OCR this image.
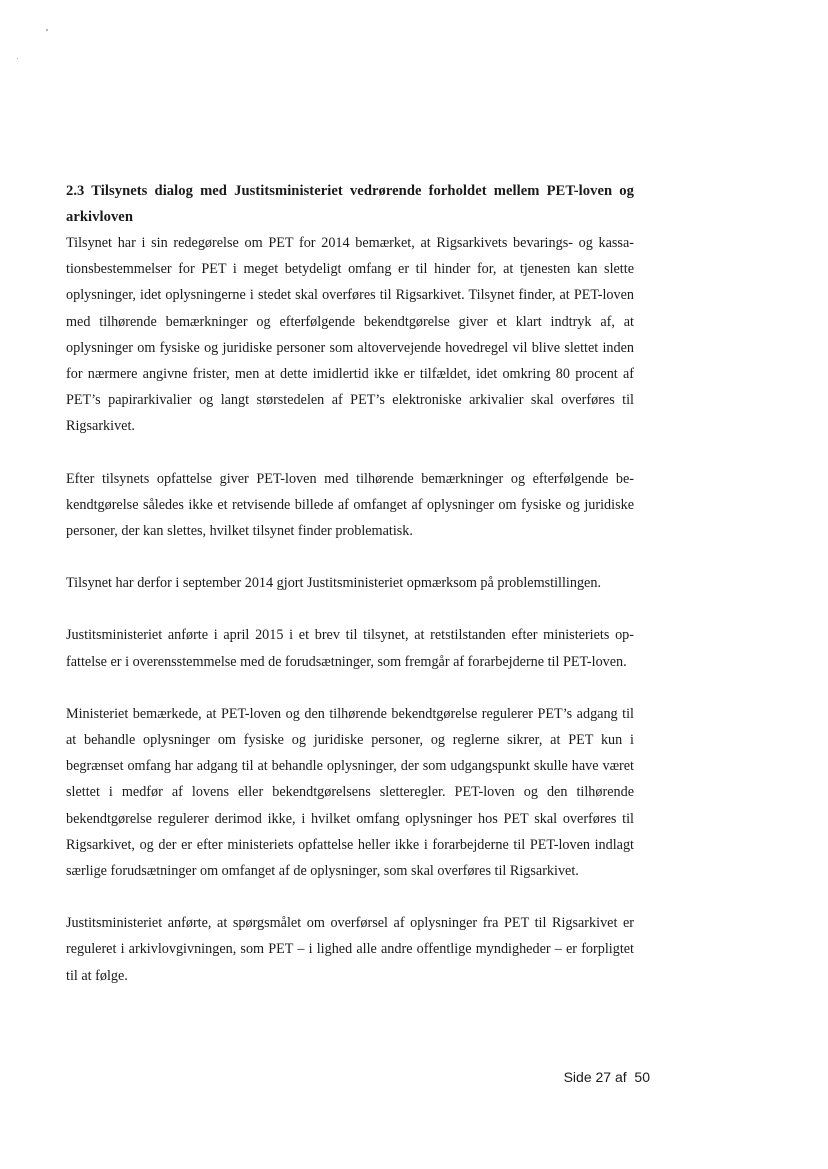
2.3 Tilsynets dialog med Justitsministeriet vedrørende forholdet mellem PET-loven og arkivloven

Tilsynet har i sin redegørelse om PET for 2014 bemærket, at Rigsarkivets bevarings- og kassationsbestemmelser for PET i meget betydeligt omfang er til hinder for, at tjenesten kan slette oplysninger, idet oplysningerne i stedet skal overføres til Rigsarkivet. Tilsynet finder, at PET-loven med tilhørende bemærkninger og efterfølgende bekendtgørelse giver et klart indtryk af, at oplysninger om fysiske og juridiske personer som altovervejende hovedregel vil blive slettet inden for nærmere angivne frister, men at dette imidlertid ikke er tilfældet, idet omkring 80 procent af PET’s papirarkivalier og langt størstedelen af PET’s elektroniske arkivalier skal overføres til Rigsarkivet.

Efter tilsynets opfattelse giver PET-loven med tilhørende bemærkninger og efterfølgende bekendtgørelse således ikke et retvisende billede af omfanget af oplysninger om fysiske og juridiske personer, der kan slettes, hvilket tilsynet finder problematisk.

Tilsynet har derfor i september 2014 gjort Justitsministeriet opmærksom på problemstillingen.

Justitsministeriet anførte i april 2015 i et brev til tilsynet, at retstilstanden efter ministeriets opfattelse er i overensstemmelse med de forudsætninger, som fremgår af forarbejderne til PET-loven.

Ministeriet bemærkede, at PET-loven og den tilhørende bekendtgørelse regulerer PET’s adgang til at behandle oplysninger om fysiske og juridiske personer, og reglerne sikrer, at PET kun i begrænset omfang har adgang til at behandle oplysninger, der som udgangspunkt skulle have været slettet i medfør af lovens eller bekendtgørelsens sletteregler. PET-loven og den tilhørende bekendtgørelse regulerer derimod ikke, i hvilket omfang oplysninger hos PET skal overføres til Rigsarkivet, og der er efter ministeriets opfattelse heller ikke i forarbejderne til PET-loven indlagt særlige forudsætninger om omfanget af de oplysninger, som skal overføres til Rigsarkivet.

Justitsministeriet anførte, at spørgsmålet om overførsel af oplysninger fra PET til Rigsarkivet er reguleret i arkivlovgivningen, som PET – i lighed alle andre offentlige myndigheder – er forpligtet til at følge.

Side 27 af  50
